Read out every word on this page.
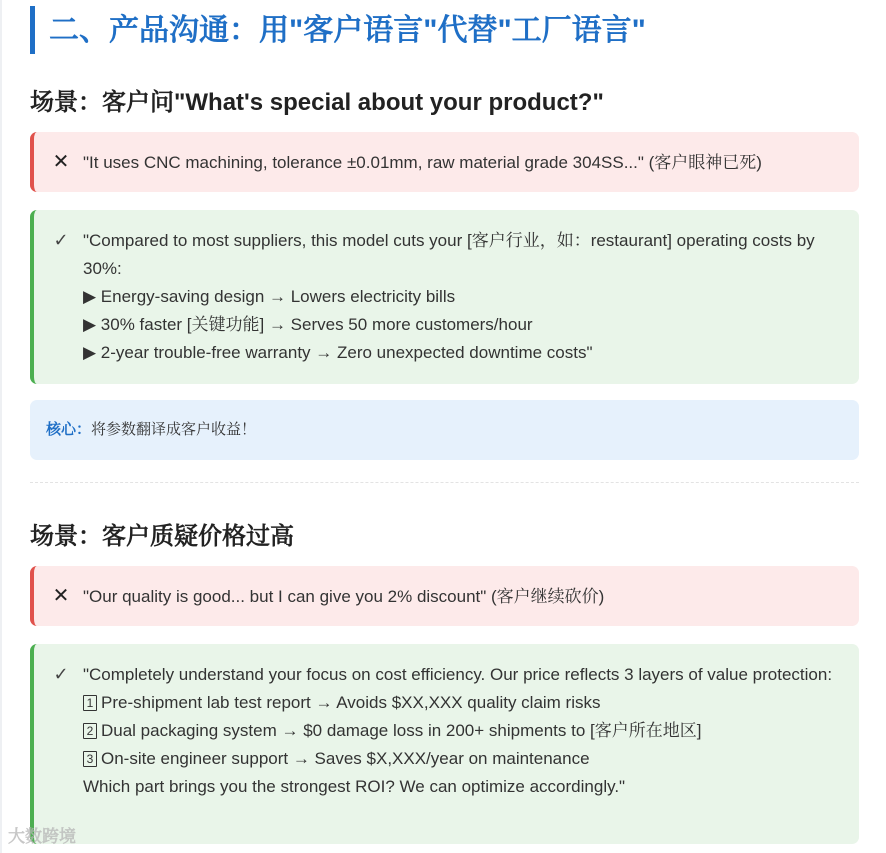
二、产品沟通：用"客户语言"代替"工厂语言"
场景：客户问"What's special about your product?"
✕ "It uses CNC machining, tolerance ±0.01mm, raw material grade 304SS..." (客户眼神已死)
✓ "Compared to most suppliers, this model cuts your [客户行业，如：restaurant] operating costs by 30%:
▶ Energy-saving design → Lowers electricity bills
▶ 30% faster [关键功能] → Serves 50 more customers/hour
▶ 2-year trouble-free warranty → Zero unexpected downtime costs"
核心：将参数翻译成客户收益！
场景：客户质疑价格过高
✕ "Our quality is good... but I can give you 2% discount" (客户继续砍价)
✓ "Completely understand your focus on cost efficiency. Our price reflects 3 layers of value protection:
1 Pre-shipment lab test report → Avoids $XX,XXX quality claim risks
2 Dual packaging system → $0 damage loss in 200+ shipments to [客户所在地区]
3 On-site engineer support → Saves $X,XXX/year on maintenance
Which part brings you the strongest ROI? We can optimize accordingly."
大数跨境
